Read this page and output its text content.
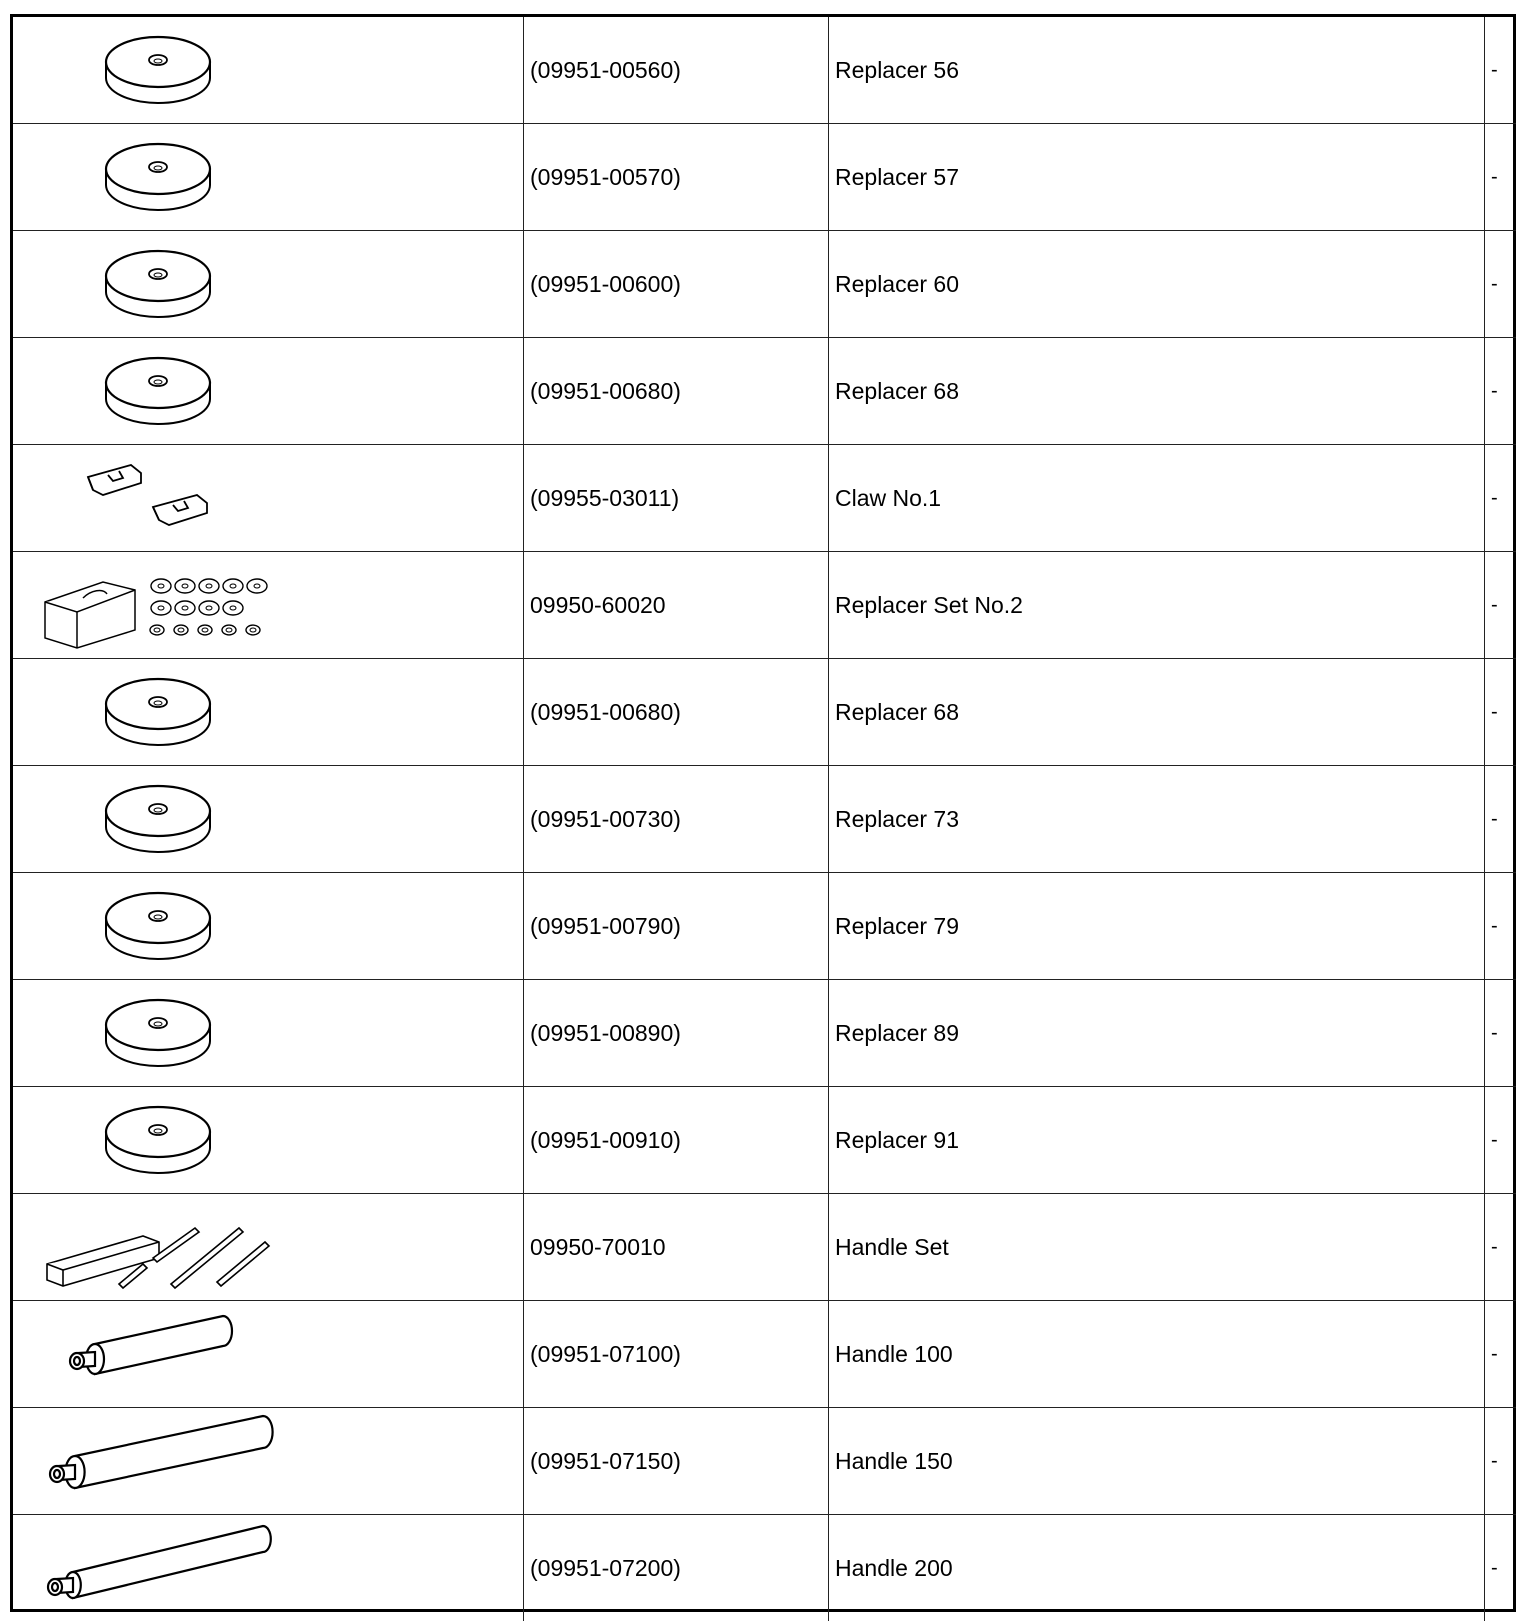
	(09951-00560)	Replacer 56	-

	(09951-00570)	Replacer 57	-

	(09951-00600)	Replacer 60	-

	(09951-00680)	Replacer 68	-

	(09955-03011)	Claw No.1	-

	09950-60020	Replacer Set No.2	-

	(09951-00680)	Replacer 68	-

	(09951-00730)	Replacer 73	-

	(09951-00790)	Replacer 79	-

	(09951-00890)	Replacer 89	-

	(09951-00910)	Replacer 91	-

	09950-70010	Handle Set	-

	(09951-07100)	Handle 100	-

	(09951-07150)	Handle 150	-

	(09951-07200)	Handle 200	-
